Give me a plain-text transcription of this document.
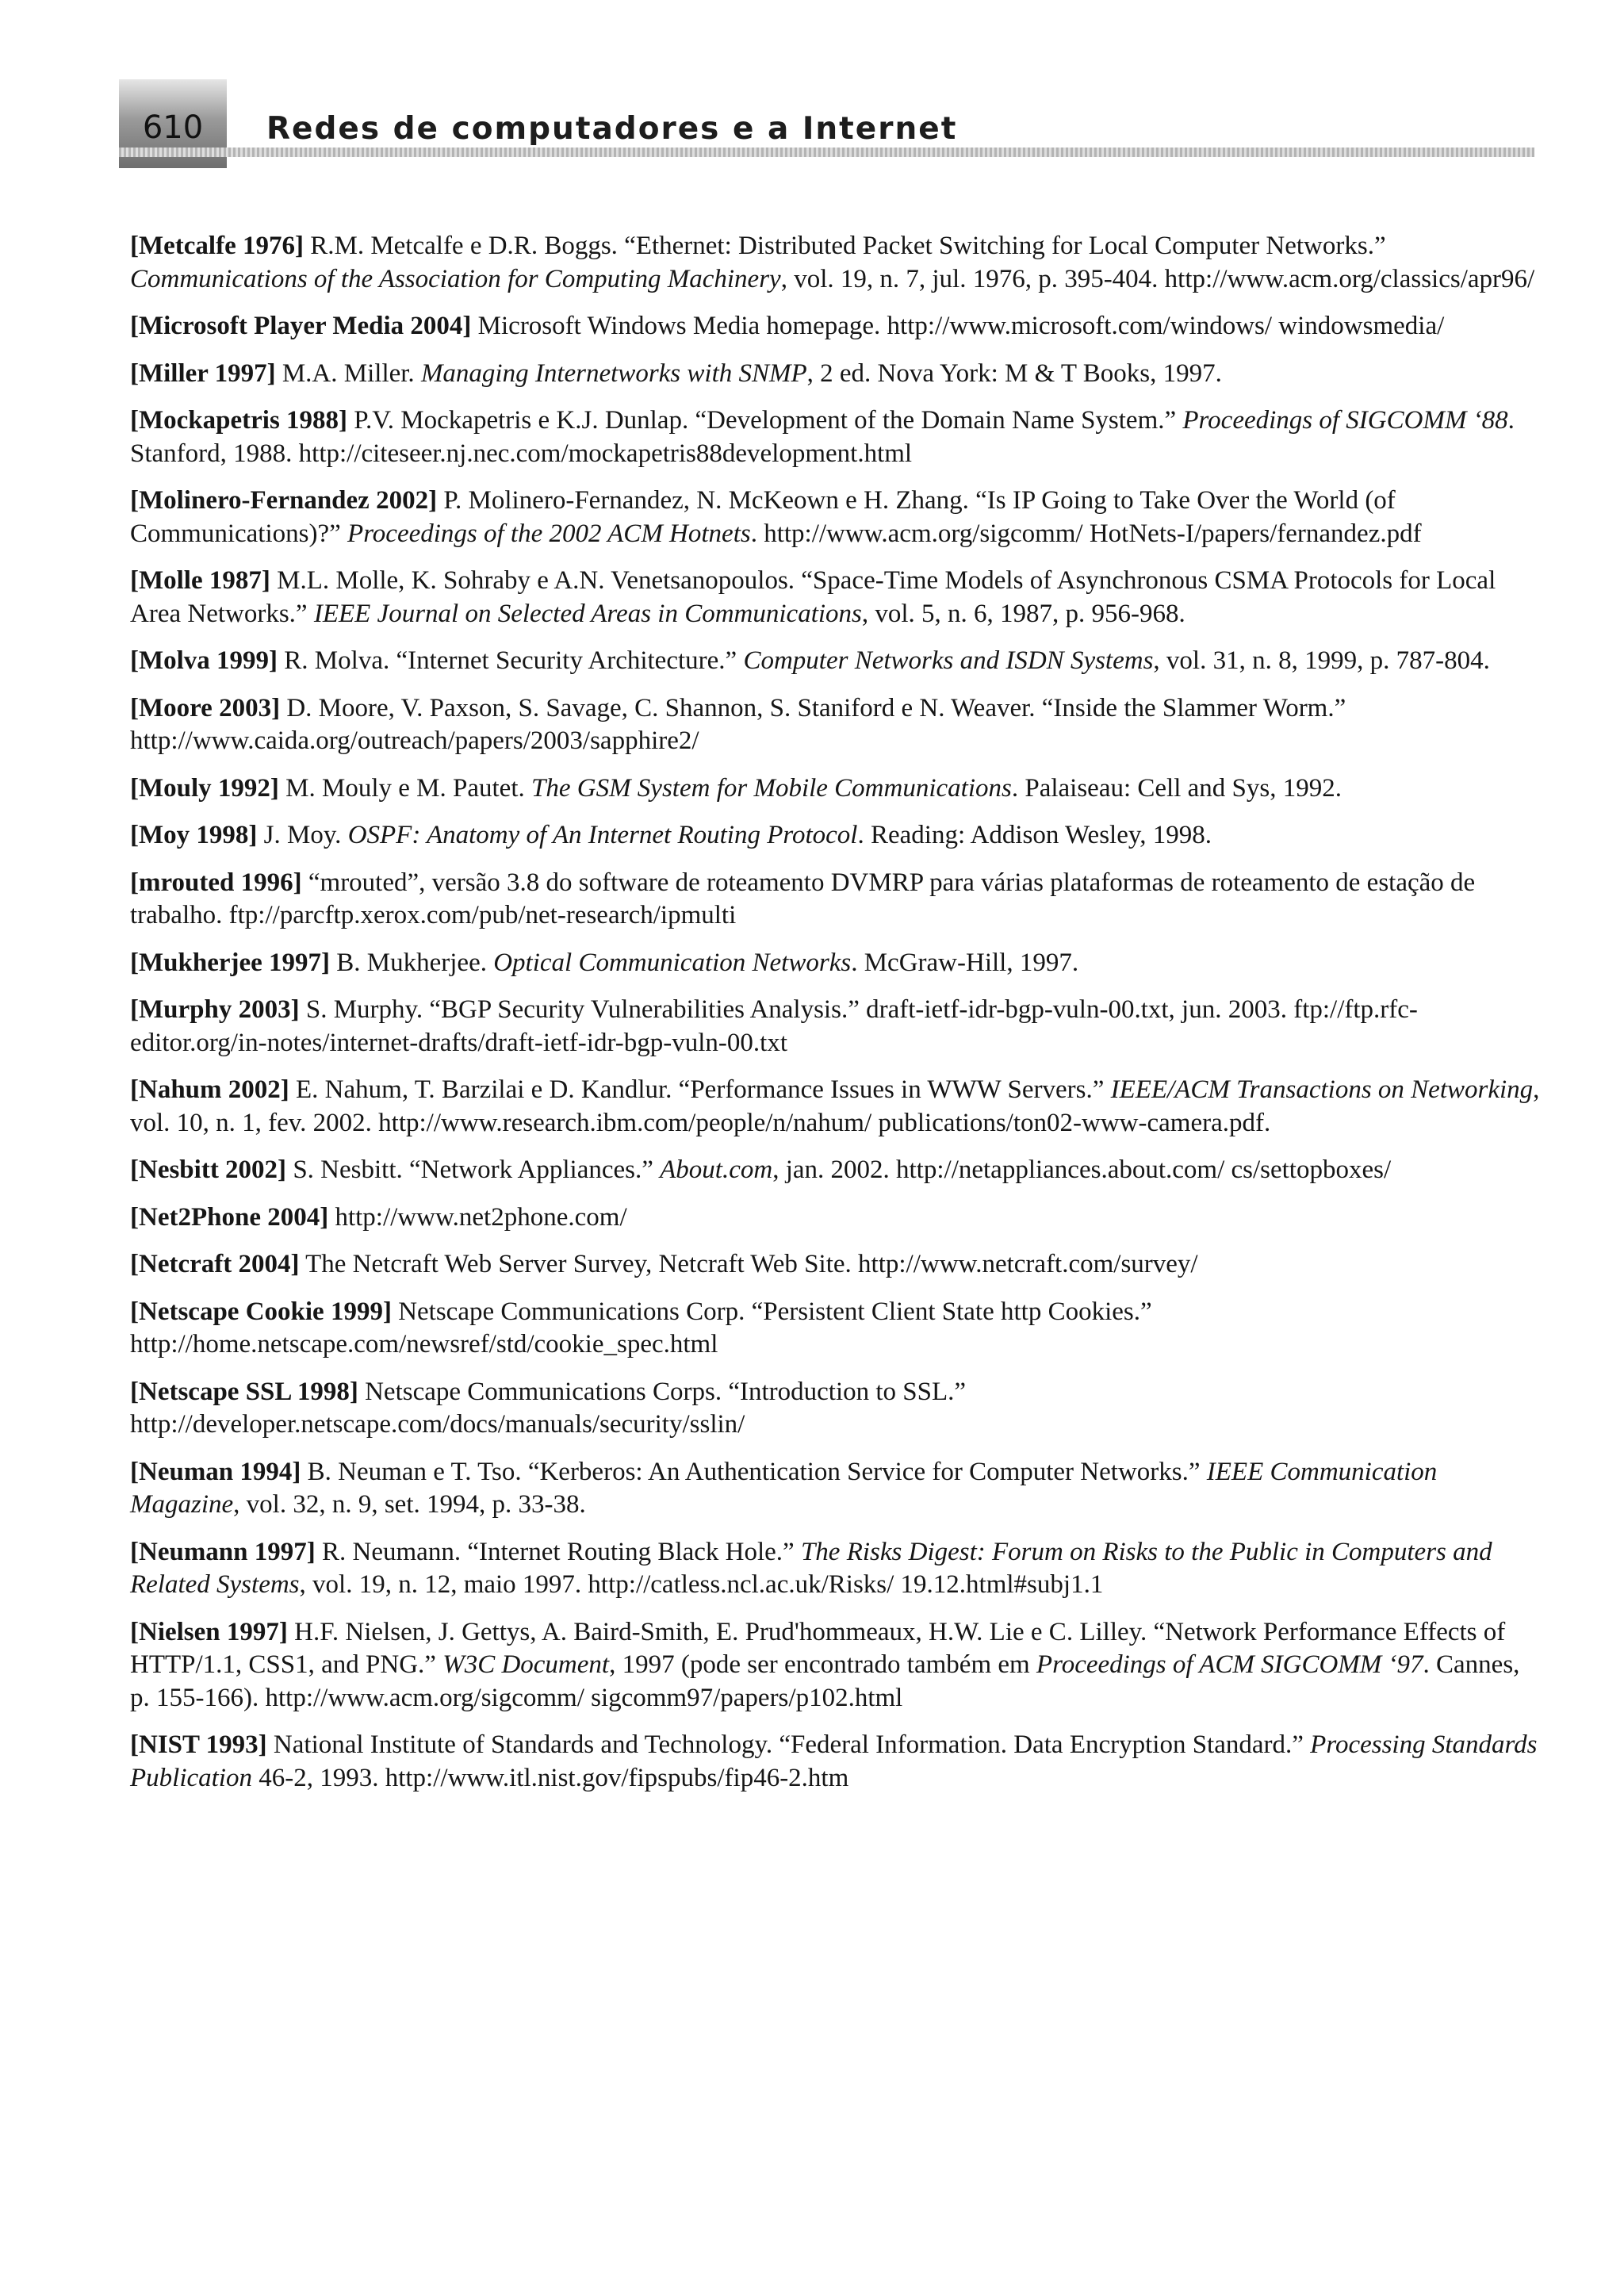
610	Redes de computadores e a Internet
[Metcalfe 1976] R.M. Metcalfe e D.R. Boggs. “Ethernet: Distributed Packet Switching for Local Computer Networks.” Communications of the Association for Computing Machinery, vol. 19, n. 7, jul. 1976, p. 395-404. http://www.acm.org/classics/apr96/
[Microsoft Player Media 2004] Microsoft Windows Media homepage. http://www.microsoft.com/windows/ windowsmedia/
[Miller 1997] M.A. Miller. Managing Internetworks with SNMP, 2 ed. Nova York: M & T Books, 1997.
[Mockapetris 1988] P.V. Mockapetris e K.J. Dunlap. “Development of the Domain Name System.” Proceedings of SIGCOMM ‘88. Stanford, 1988. http://citeseer.nj.nec.com/mockapetris88development.html
[Molinero-Fernandez 2002] P. Molinero-Fernandez, N. McKeown e H. Zhang. “Is IP Going to Take Over the World (of Communications)?” Proceedings of the 2002 ACM Hotnets. http://www.acm.org/sigcomm/ HotNets-I/papers/fernandez.pdf
[Molle 1987] M.L. Molle, K. Sohraby e A.N. Venetsanopoulos. “Space-Time Models of Asynchronous CSMA Protocols for Local Area Networks.” IEEE Journal on Selected Areas in Communications, vol. 5, n. 6, 1987, p. 956-968.
[Molva 1999] R. Molva. “Internet Security Architecture.” Computer Networks and ISDN Systems, vol. 31, n. 8, 1999, p. 787-804.
[Moore 2003] D. Moore, V. Paxson, S. Savage, C. Shannon, S. Staniford e N. Weaver. “Inside the Slammer Worm.” http://www.caida.org/outreach/papers/2003/sapphire2/
[Mouly 1992] M. Mouly e M. Pautet. The GSM System for Mobile Communications. Palaiseau: Cell and Sys, 1992.
[Moy 1998] J. Moy. OSPF: Anatomy of An Internet Routing Protocol. Reading: Addison Wesley, 1998.
[mrouted 1996] “mrouted”, versão 3.8 do software de roteamento DVMRP para várias plataformas de roteamento de estação de trabalho. ftp://parcftp.xerox.com/pub/net-research/ipmulti
[Mukherjee 1997] B. Mukherjee. Optical Communication Networks. McGraw-Hill, 1997.
[Murphy 2003] S. Murphy. “BGP Security Vulnerabilities Analysis.” draft-ietf-idr-bgp-vuln-00.txt, jun. 2003. ftp://ftp.rfc-editor.org/in-notes/internet-drafts/draft-ietf-idr-bgp-vuln-00.txt
[Nahum 2002] E. Nahum, T. Barzilai e D. Kandlur. “Performance Issues in WWW Servers.” IEEE/ACM Transactions on Networking, vol. 10, n. 1, fev. 2002. http://www.research.ibm.com/people/n/nahum/ publications/ton02-www-camera.pdf.
[Nesbitt 2002] S. Nesbitt. “Network Appliances.” About.com, jan. 2002. http://netappliances.about.com/ cs/settopboxes/
[Net2Phone 2004] http://www.net2phone.com/
[Netcraft 2004] The Netcraft Web Server Survey, Netcraft Web Site. http://www.netcraft.com/survey/
[Netscape Cookie 1999] Netscape Communications Corp. “Persistent Client State http Cookies.” http://home.netscape.com/newsref/std/cookie_spec.html
[Netscape SSL 1998] Netscape Communications Corps. “Introduction to SSL.” http://developer.netscape.com/docs/manuals/security/sslin/
[Neuman 1994] B. Neuman e T. Tso. “Kerberos: An Authentication Service for Computer Networks.” IEEE Communication Magazine, vol. 32, n. 9, set. 1994, p. 33-38.
[Neumann 1997] R. Neumann. “Internet Routing Black Hole.” The Risks Digest: Forum on Risks to the Public in Computers and Related Systems, vol. 19, n. 12, maio 1997. http://catless.ncl.ac.uk/Risks/ 19.12.html#subj1.1
[Nielsen 1997] H.F. Nielsen, J. Gettys, A. Baird-Smith, E. Prud'hommeaux, H.W. Lie e C. Lilley. “Network Performance Effects of HTTP/1.1, CSS1, and PNG.” W3C Document, 1997 (pode ser encontrado também em Proceedings of ACM SIGCOMM ‘97. Cannes, p. 155-166). http://www.acm.org/sigcomm/ sigcomm97/papers/p102.html
[NIST 1993] National Institute of Standards and Technology. “Federal Information. Data Encryption Standard.” Processing Standards Publication 46-2, 1993. http://www.itl.nist.gov/fipspubs/fip46-2.htm
